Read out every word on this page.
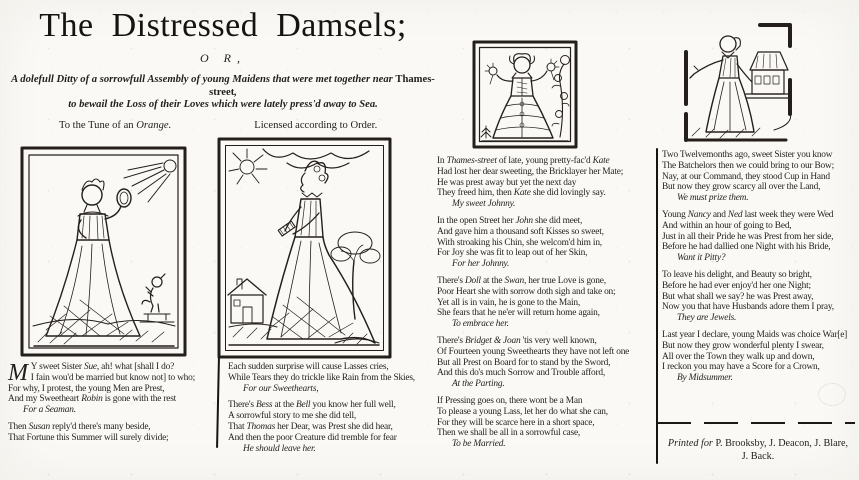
The Distressed Damsels;
O R,
A dolefull Ditty of a sorrowfull Assembly of young Maidens that were met together near Thames-street,
to bewail the Loss of their Loves which were lately press'd away to Sea.
To the Tune of an Orange.	Licensed according to Order.
M Y sweet Sister Sue, ah! what [shall I do?

I fain wou'd be married but know not] to who;

For why, I protest, the young Men are Prest,

And my Sweetheart Robin is gone with the rest

For a Seaman.

Then Susan reply'd there's many beside,

That Fortune this Summer will surely divide;

Each sudden surprise will cause Lasses cries,

While Tears they do trickle like Rain from the Skies,

For our Sweethearts,

There's Bess at the Bell you know her full well,

A sorrowful story to me she did tell,

That Thomas her Dear, was Prest she did hear,

And then the poor Creature did tremble for fear

He should leave her.

In Thames-street of late, young pretty-fac'd Kate

Had lost her dear sweeting, the Bricklayer her Mate;

He was prest away but yet the next day

They freed him, then Kate she did lovingly say.

My sweet Johnny.

In the open Street her John she did meet,

And gave him a thousand soft Kisses so sweet,

With stroaking his Chin, she welcom'd him in,

For Joy she was fit to leap out of her Skin,

For her Johnny.

There's Doll at the Swan, her true Love is gone,

Poor Heart she with sorrow doth sigh and take on;

Yet all is in vain, he is gone to the Main,

She fears that he ne'er will return home again,

To embrace her.

There's Bridget & Joan 'tis very well known,

Of Fourteen young Sweethearts they have not left one

But all Prest on Board for to stand by the Sword,

And this do's much Sorrow and Trouble afford,

At the Parting.

If Pressing goes on, there wont be a Man

To please a young Lass, let her do what she can,

For they will be scarce here in a short space,

Then we shall be all in a sorrowful case,

To be Married.

Two Twelvemonths ago, sweet Sister you know

The Batchelors then we could bring to our Bow;

Nay, at our Command, they stood Cup in Hand

But now they grow scarcy all over the Land,

We must prize them.

Young Nancy and Ned last week they were Wed

And within an hour of going to Bed,

Just in all their Pride he was Prest from her side,

Before he had dallied one Night with his Bride,

Want it Pitty?

To leave his delight, and Beauty so bright,

Before he had ever enjoy'd her one Night;

But what shall we say? he was Prest away,

Now you that have Husbands adore them I pray,

They are Jewels.

Last year I declare, young Maids was choice War[e]

But now they grow wonderful plenty I swear,

All over the Town they walk up and down,

I reckon you may have a Score for a Crown,

By Midsummer.

Printed for P. Brooksby, J. Deacon, J. Blare,
J. Back.
